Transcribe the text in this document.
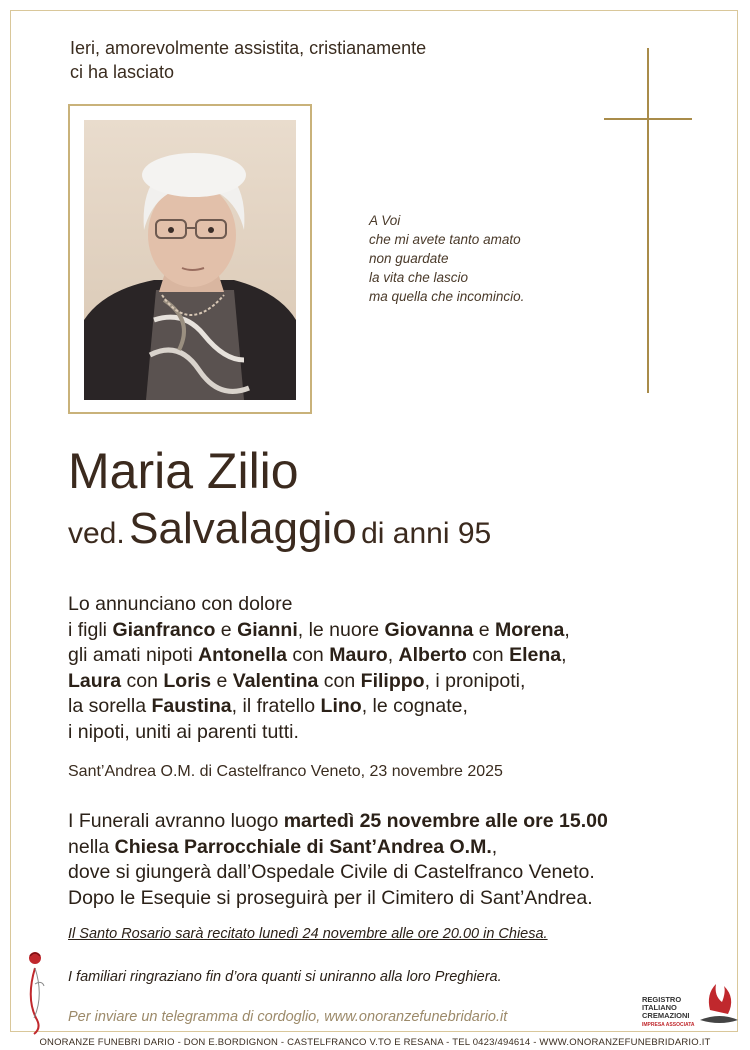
Ieri, amorevolmente assistita, cristianamente
ci ha lasciato
A Voi
che mi avete tanto amato
non guardate
la vita che lascio
ma quella che incomincio.
Maria Zilio
ved. Salvalaggio di anni 95
Lo annunciano con dolore
i figli Gianfranco e Gianni, le nuore Giovanna e Morena,
gli amati nipoti Antonella con Mauro, Alberto con Elena,
Laura con Loris e Valentina con Filippo, i pronipoti,
la sorella Faustina, il fratello Lino, le cognate,
i nipoti, uniti ai parenti tutti.
Sant’Andrea O.M. di Castelfranco Veneto, 23 novembre 2025
I Funerali avranno luogo martedì 25 novembre alle ore 15.00
nella Chiesa Parrocchiale di Sant’Andrea O.M.,
dove si giungerà dall’Ospedale Civile di Castelfranco Veneto.
Dopo le Esequie si proseguirà per il Cimitero di Sant’Andrea.
Il Santo Rosario sarà recitato lunedì 24 novembre alle ore 20.00 in Chiesa.
I familiari ringraziano fin d’ora quanti si uniranno alla loro Preghiera.
Per inviare un telegramma di cordoglio, www.onoranzefunebridario.it
REGISTRO
ITALIANO
CREMAZIONI
IMPRESA ASSOCIATA
ONORANZE FUNEBRI DARIO - DON E.BORDIGNON - CASTELFRANCO V.TO E RESANA - TEL 0423/494614 - WWW.ONORANZEFUNEBRIDARIO.IT
